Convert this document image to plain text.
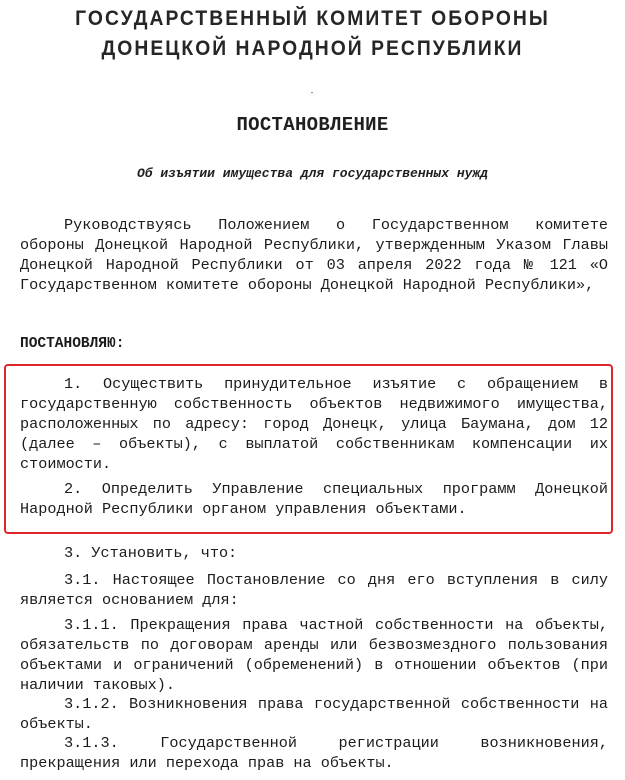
ГОСУДАРСТВЕННЫЙ КОМИТЕТ ОБОРОНЫ
ДОНЕЦКОЙ НАРОДНОЙ РЕСПУБЛИКИ
ПОСТАНОВЛЕНИЕ
Об изъятии имущества для государственных нужд
Руководствуясь Положением о Государственном комитете обороны Донецкой Народной Республики, утвержденным Указом Главы Донецкой Народной Республики от 03 апреля 2022 года № 121 «О Государственном комитете обороны Донецкой Народной Республики»,
ПОСТАНОВЛЯЮ:
1. Осуществить принудительное изъятие с обращением в государственную собственность объектов недвижимого имущества, расположенных по адресу: город Донецк, улица Баумана, дом 12 (далее – объекты), с выплатой собственникам компенсации их стоимости.
2. Определить Управление специальных программ Донецкой Народной Республики органом управления объектами.
3. Установить, что:
3.1. Настоящее Постановление со дня его вступления в силу является основанием для:
3.1.1. Прекращения права частной собственности на объекты, обязательств по договорам аренды или безвозмездного пользования объектами и ограничений (обременений) в отношении объектов (при наличии таковых).
3.1.2. Возникновения права государственной собственности на объекты.
3.1.3. Государственной регистрации возникновения, прекращения или перехода прав на объекты.
